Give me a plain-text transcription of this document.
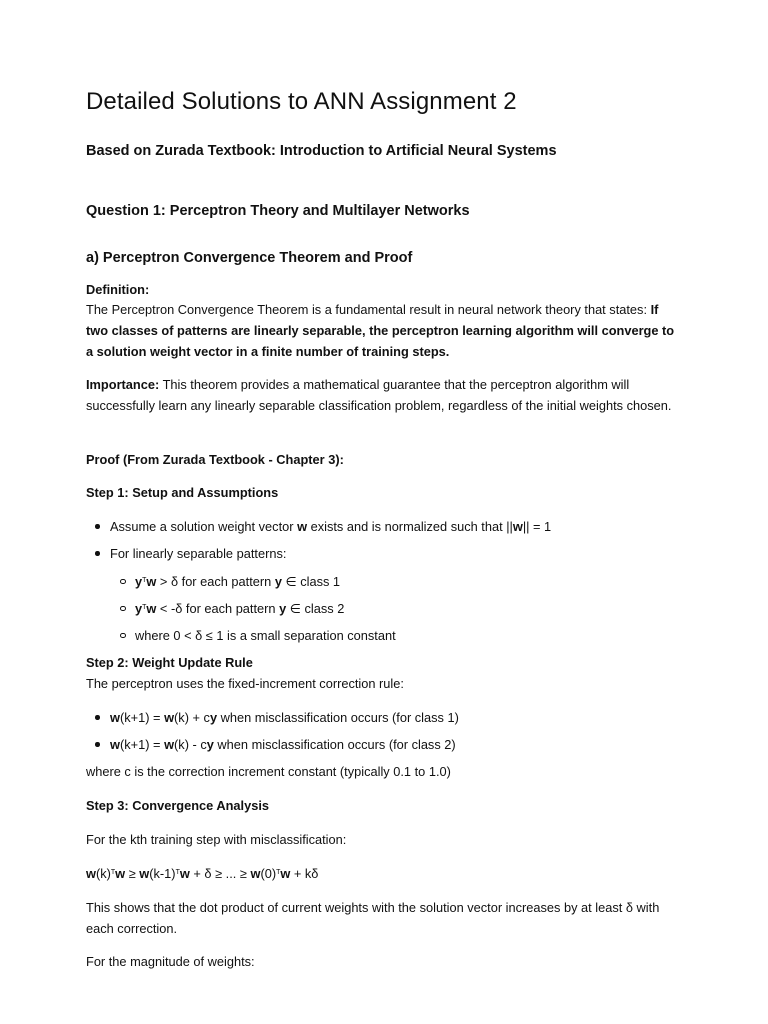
Detailed Solutions to ANN Assignment 2
Based on Zurada Textbook: Introduction to Artificial Neural Systems
Question 1: Perceptron Theory and Multilayer Networks
a) Perceptron Convergence Theorem and Proof
Definition:
The Perceptron Convergence Theorem is a fundamental result in neural network theory that states: If two classes of patterns are linearly separable, the perceptron learning algorithm will converge to a solution weight vector in a finite number of training steps.
Importance: This theorem provides a mathematical guarantee that the perceptron algorithm will successfully learn any linearly separable classification problem, regardless of the initial weights chosen.
Proof (From Zurada Textbook - Chapter 3):
Step 1: Setup and Assumptions
Assume a solution weight vector w exists and is normalized such that ||w|| = 1
For linearly separable patterns:
$y^Tw > \delta$ for each pattern y ∈ class 1
$y^Tw < -\delta$ for each pattern y ∈ class 2
where 0 < δ ≤ 1 is a small separation constant
Step 2: Weight Update Rule
The perceptron uses the fixed-increment correction rule:
w(k+1) = w(k) + cy when misclassification occurs (for class 1)
w(k+1) = w(k) - cy when misclassification occurs (for class 2)
where c is the correction increment constant (typically 0.1 to 1.0)
Step 3: Convergence Analysis
For the kth training step with misclassification:
$w(k)^Tw \ge w(k-1)^Tw + \delta$ ≥ ... ≥ $w(0)^Tw + k\delta$
This shows that the dot product of current weights with the solution vector increases by at least δ with each correction.
For the magnitude of weights:
